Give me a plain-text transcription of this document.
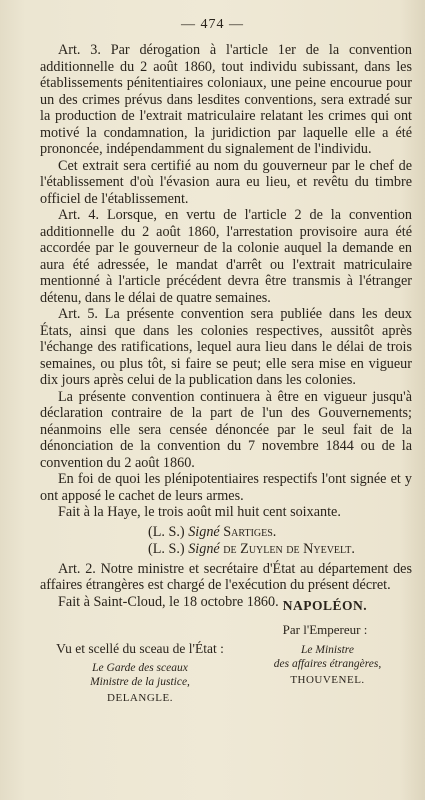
— 474 —

Art. 3. Par dérogation à l'article 1er de la convention additionnelle du 2 août 1860, tout individu subissant, dans les établissements pénitentiaires coloniaux, une peine encourue pour un des crimes prévus dans lesdites conventions, sera extradé sur la production de l'extrait matriculaire relatant les crimes qui ont motivé la condamnation, la juridiction par laquelle elle a été prononcée, indépendamment du signalement de l'individu.

Cet extrait sera certifié au nom du gouverneur par le chef de l'établissement d'où l'évasion aura eu lieu, et revêtu du timbre officiel de l'établissement.

Art. 4. Lorsque, en vertu de l'article 2 de la convention additionnelle du 2 août 1860, l'arrestation provisoire aura été accordée par le gouverneur de la colonie auquel la demande en aura été adressée, le mandat d'arrêt ou l'extrait matriculaire mentionné à l'article précédent devra être transmis à l'étranger détenu, dans le délai de quatre semaines.

Art. 5. La présente convention sera publiée dans les deux États, ainsi que dans les colonies respectives, aussitôt après l'échange des ratifications, lequel aura lieu dans le délai de trois semaines, ou plus tôt, si faire se peut; elle sera mise en vigueur dix jours après celui de la publication dans les colonies.

La présente convention continuera à être en vigueur jusqu'à déclaration contraire de la part de l'un des Gouvernements; néanmoins elle sera censée dénoncée par le seul fait de la dénonciation de la convention du 7 novembre 1844 ou de la convention du 2 août 1860.

En foi de quoi les plénipotentiaires respectifs l'ont signée et y ont apposé le cachet de leurs armes.

Fait à la Haye, le trois août mil huit cent soixante.

(L. S.) Signé Sartiges.
(L. S.) Signé de Zuylen de Nyevelt.

Art. 2. Notre ministre et secrétaire d'État au département des affaires étrangères est chargé de l'exécution du présent décret.

Fait à Saint-Cloud, le 18 octobre 1860. NAPOLÉON.
Par l'Empereur :
Vu et scellé du sceau de l'État :
Le Garde des sceaux
Ministre de la justice,
DELANGLE.
Le Ministre
des affaires étrangères,
THOUVENEL.
